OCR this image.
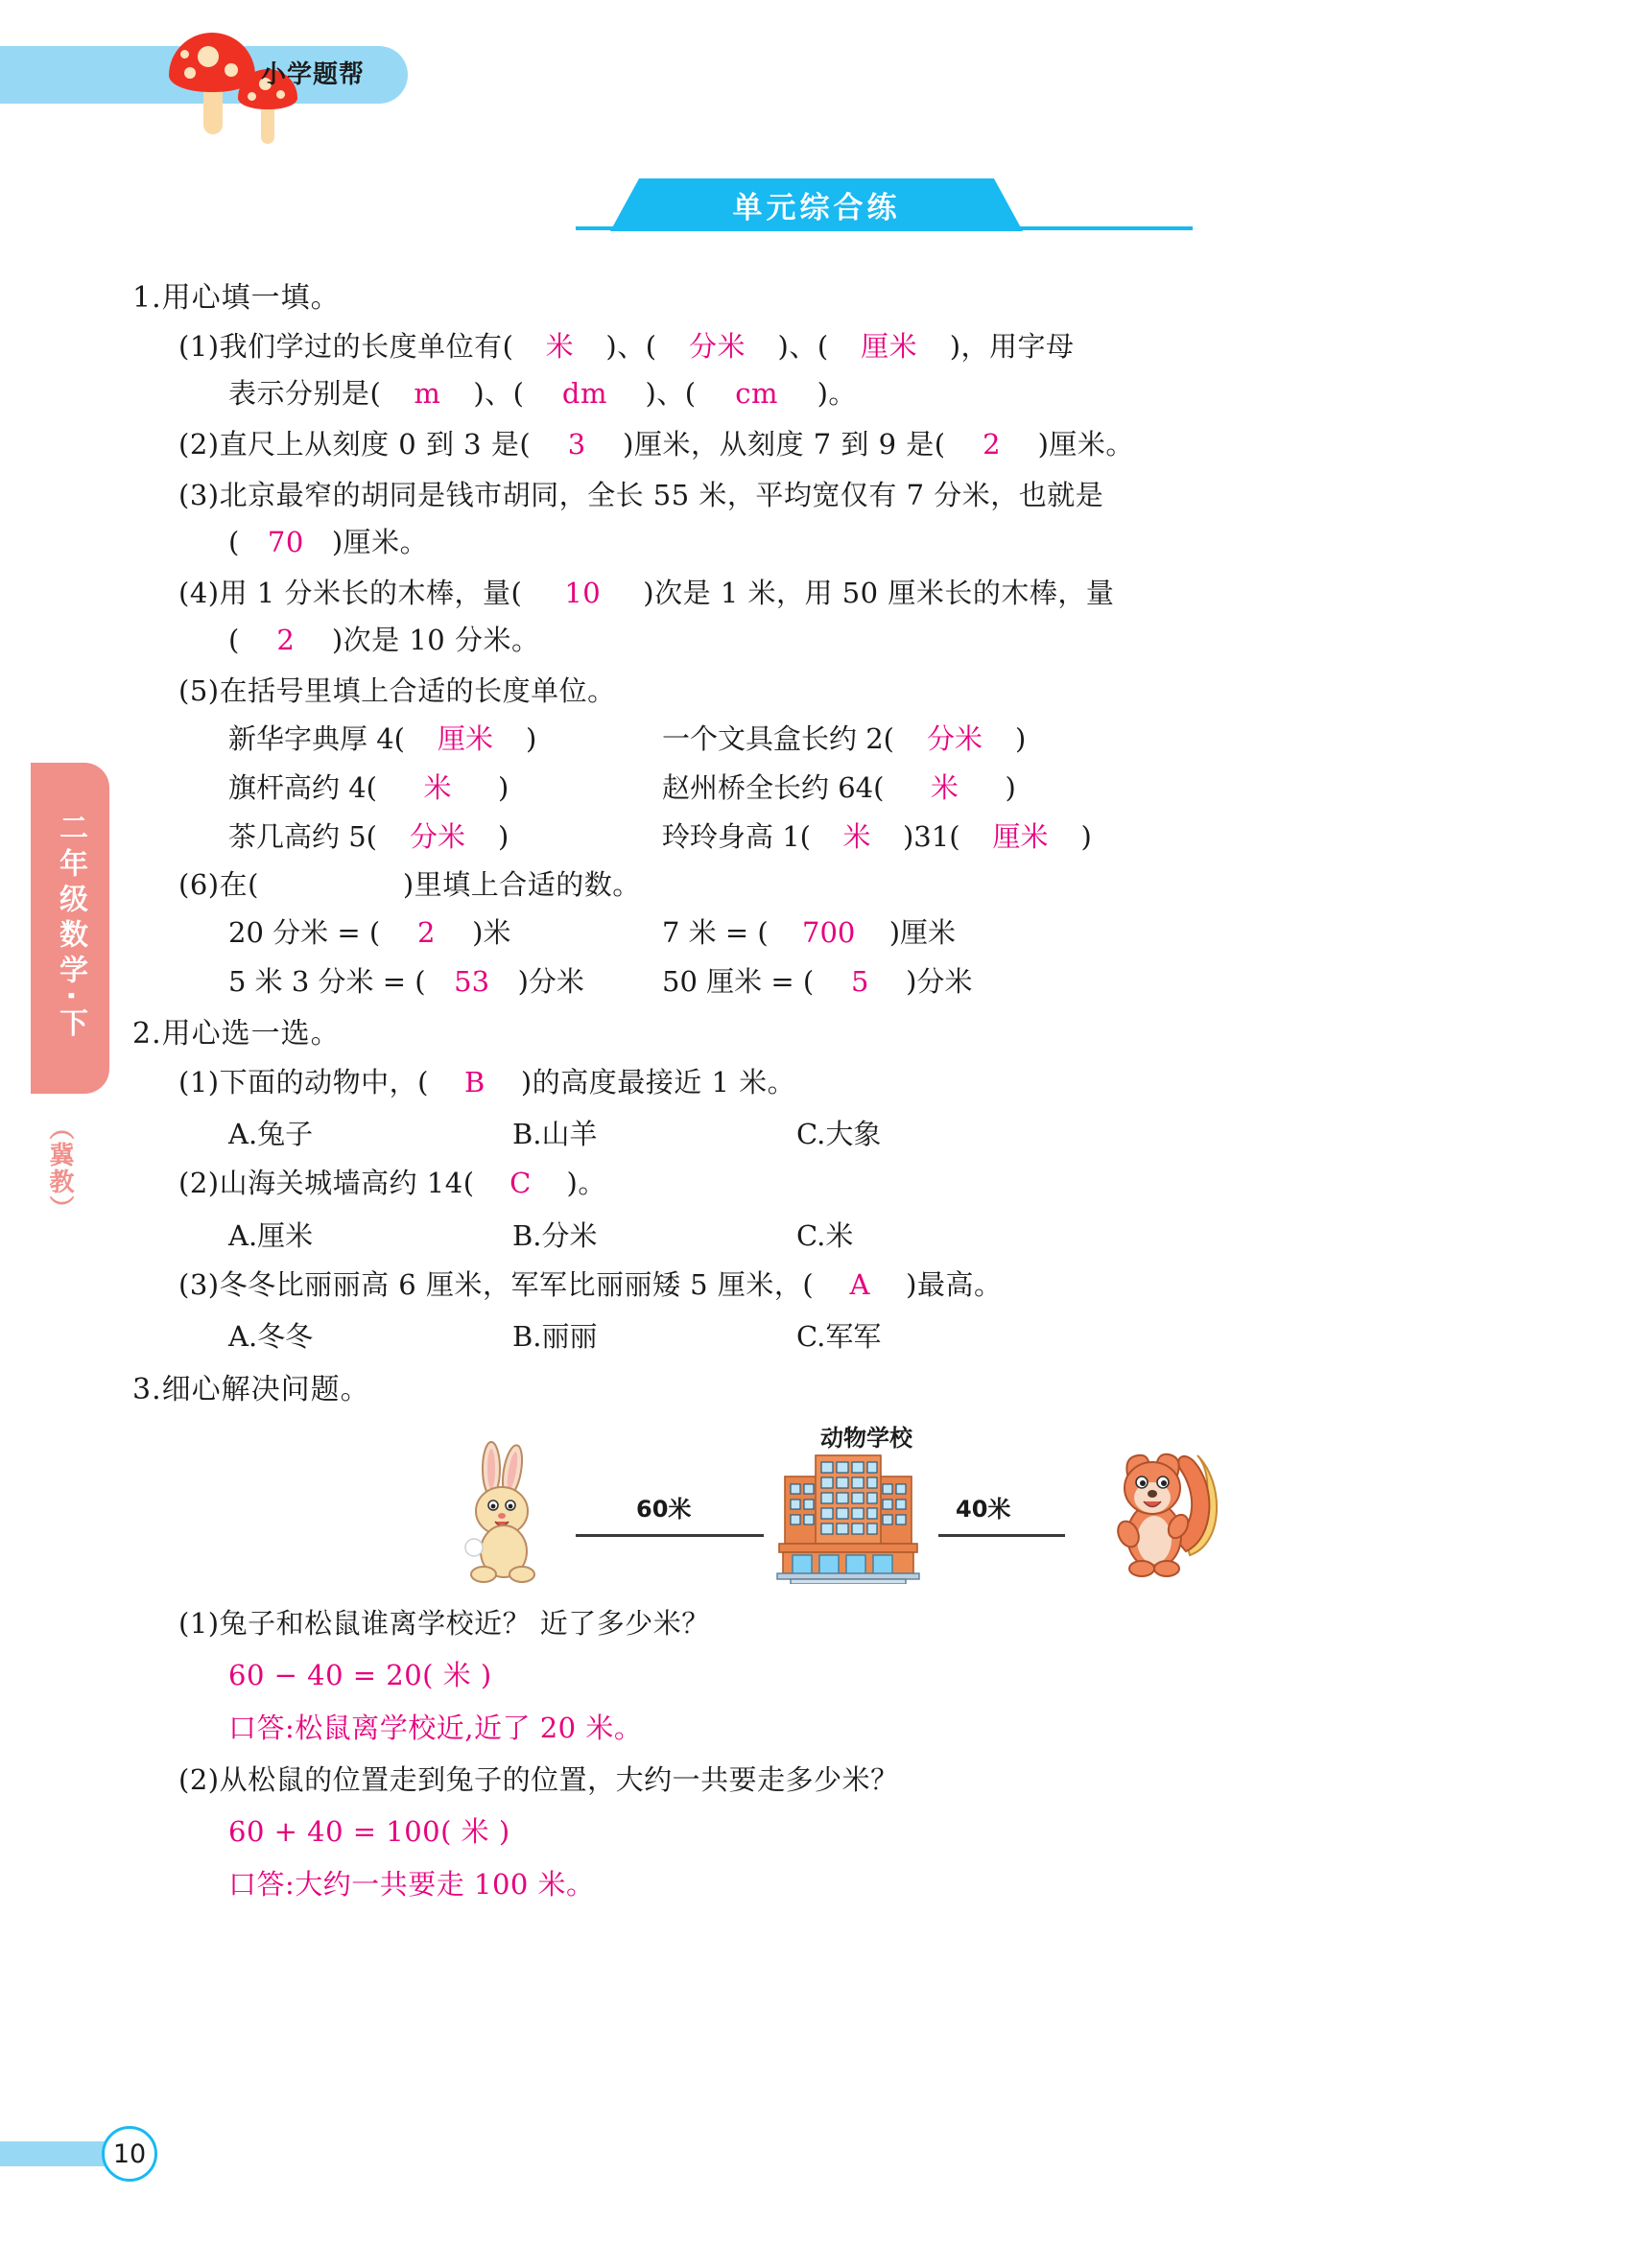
小学题帮
单元综合练
二年级数学·下
（冀教）

1.用心填一填。

(1)我们学过的长度单位有( 米 )、( 分米 )、( 厘米 )，用字母

表示分别是( m )、( dm )、( cm )。

(2)直尺上从刻度 0 到 3 是( 3 )厘米，从刻度 7 到 9 是( 2 )厘米。

(3)北京最窄的胡同是钱市胡同，全长 55 米，平均宽仅有 7 分米，也就是

( 70 )厘米。

(4)用 1 分米长的木棒，量( 10 )次是 1 米，用 50 厘米长的木棒，量

( 2 )次是 10 分米。

(5)在括号里填上合适的长度单位。

新华字典厚 4( 厘米 )	一个文具盒长约 2( 分米 )
旗杆高约 4( 米 )	赵州桥全长约 64( 米 )
茶几高约 5( 分米 )	玲玲身高 1( 米 )31( 厘米 )

(6)在(	)里填上合适的数。

20 分米 = ( 2 )米	7 米 = ( 700 )厘米
5 米 3 分米 = ( 53 )分米	50 厘米 = ( 5 )分米

2.用心选一选。

(1)下面的动物中，( B )的高度最接近 1 米。

A.兔子	B.山羊	C.大象

(2)山海关城墙高约 14( C )。

A.厘米	B.分米	C.米

(3)冬冬比丽丽高 6 厘米，军军比丽丽矮 5 厘米，( A )最高。

A.冬冬	B.丽丽	C.军军

3.细心解决问题。

60米	40米
动物学校

(1)兔子和松鼠谁离学校近？ 近了多少米？

60 − 40 = 20( 米 )

口答:松鼠离学校近,近了 20 米。

(2)从松鼠的位置走到兔子的位置，大约一共要走多少米？

60 + 40 = 100( 米 )

口答:大约一共要走 100 米。

10
